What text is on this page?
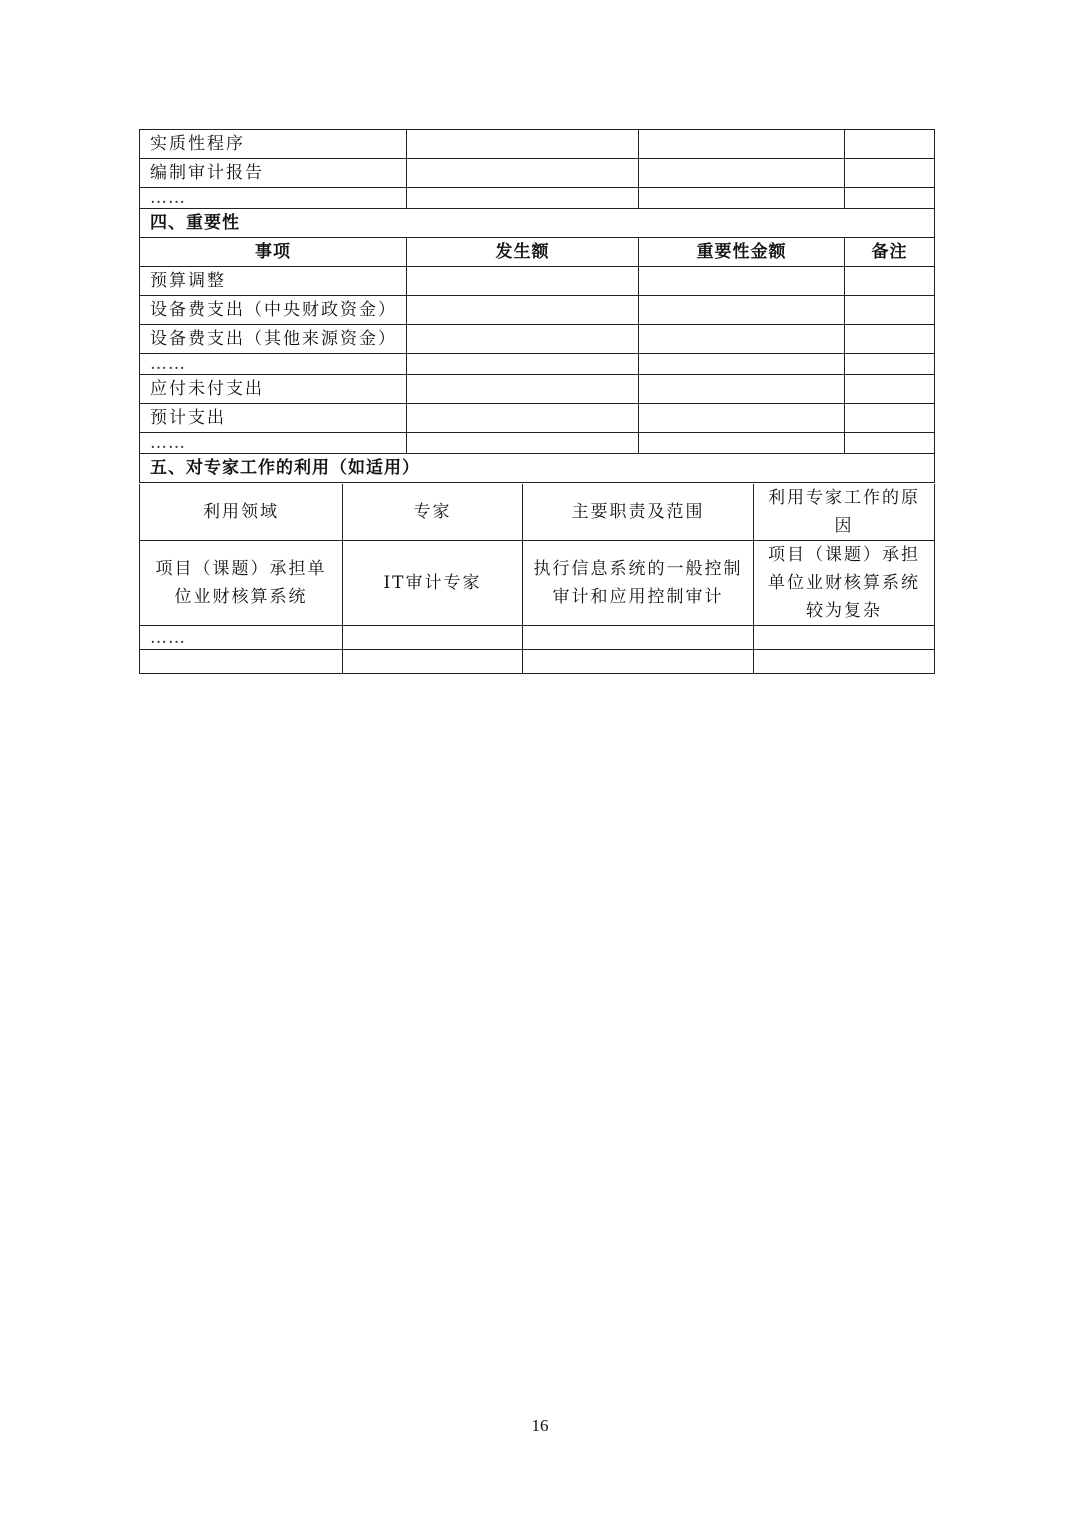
实质性程序			
编制审计报告			
……			
四、重要性			
事项	发生额	重要性金额	备注
预算调整			
设备费支出（中央财政资金）			
设备费支出（其他来源资金）			
……			
应付未付支出			
预计支出			
……			
五、对专家工作的利用（如适用）			
利用领域	专家	主要职责及范围	利用专家工作的原因
项目（课题）承担单位业财核算系统	IT审计专家	执行信息系统的一般控制审计和应用控制审计	项目（课题）承担单位业财核算系统较为复杂
……			

16
